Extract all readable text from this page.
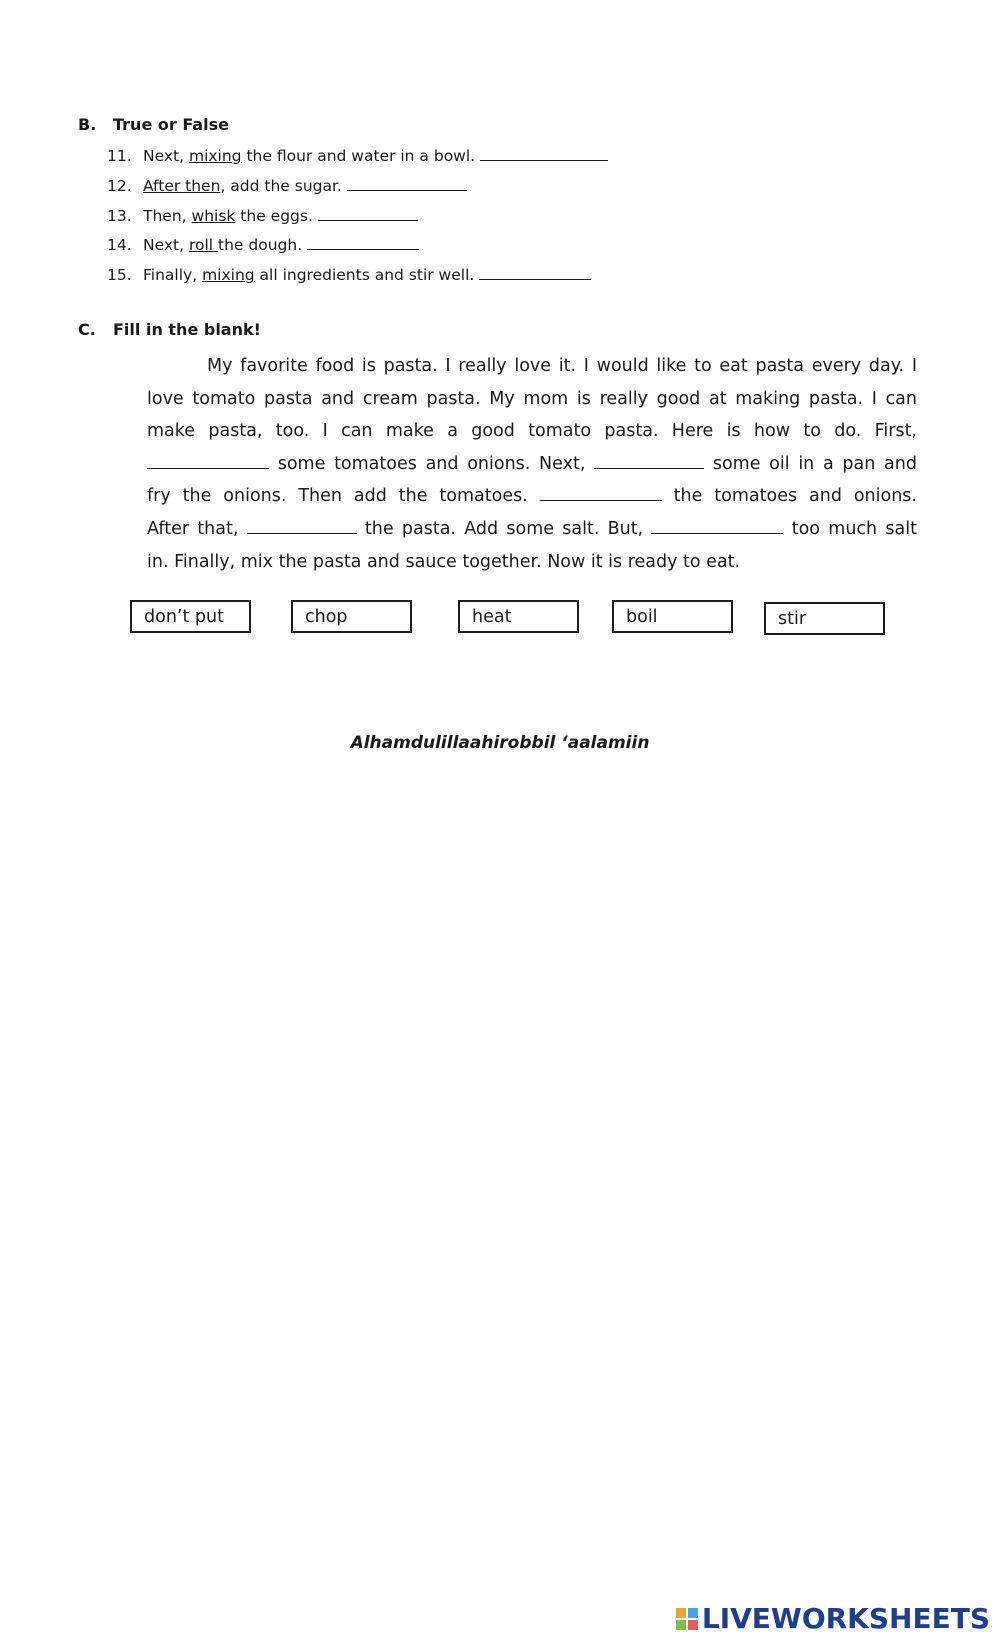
B. True or False
11. Next, mixing the flour and water in a bowl.
12. After then, add the sugar.
13. Then, whisk the eggs.
14. Next, roll the dough.
15. Finally, mixing all ingredients and stir well.
C. Fill in the blank!
My favorite food is pasta. I really love it. I would like to eat pasta every day. I
love tomato pasta and cream pasta. My mom is really good at making pasta. I can
make pasta, too. I can make a good tomato pasta. Here is how to do. First,
some tomatoes and onions. Next,	some oil in a pan and
fry the onions. Then add the tomatoes.	the tomatoes and onions.
After that,	the pasta. Add some salt. But,	too much salt
in. Finally, mix the pasta and sauce together. Now it is ready to eat.
don’t put	chop	heat	boil	stir
Alhamdulillaahirobbil ‘aalamiin
LIVEWORKSHEETS
